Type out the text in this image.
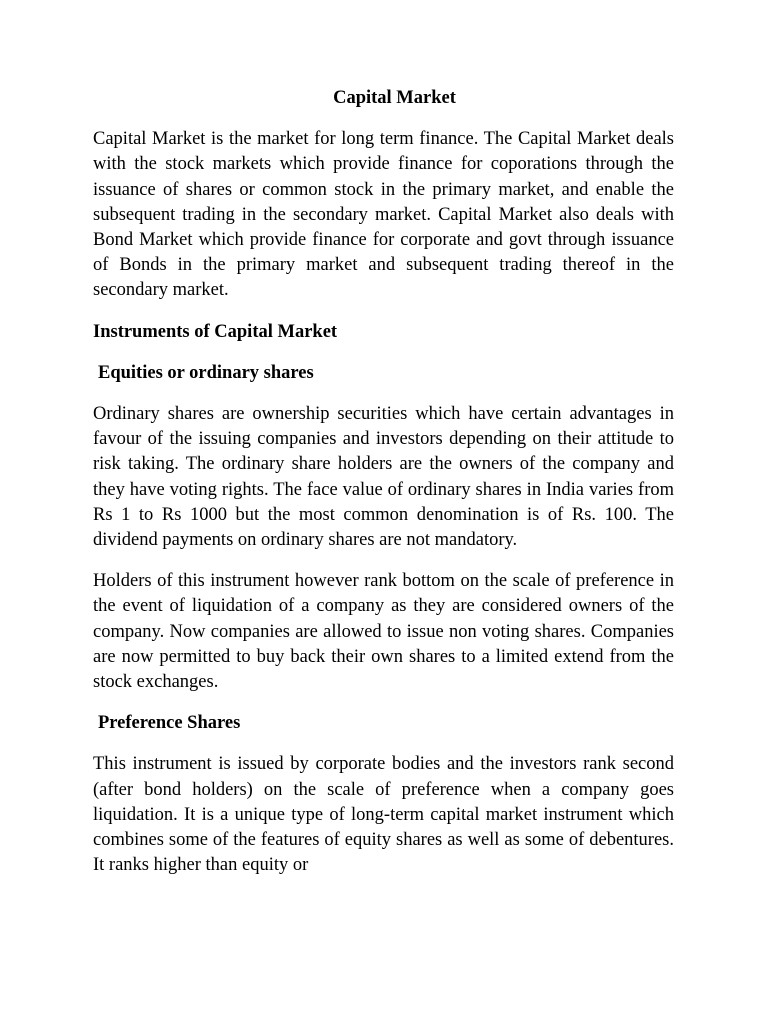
Capital Market

Capital Market is the market for long term finance. The Capital Market deals with the stock markets which provide finance for coporations through the issuance of shares or common stock in the primary market, and enable the subsequent trading in the secondary market. Capital Market also deals with Bond Market which provide finance for corporate and govt through issuance of Bonds in the primary market and subsequent trading thereof in the secondary market.

Instruments of Capital Market
Equities or ordinary shares

Ordinary shares are ownership securities which have certain advantages in favour of the issuing companies and investors depending on their attitude to risk taking. The ordinary share holders are the owners of the company and they have voting rights. The face value of ordinary shares in India varies from Rs 1 to Rs 1000 but the most common denomination is of Rs. 100. The dividend payments on ordinary shares are not mandatory.

Holders of this instrument however rank bottom on the scale of preference in the event of liquidation of a company as they are considered owners of the company. Now companies are allowed to issue non voting shares. Companies are now permitted to buy back their own shares to a limited extend from the stock exchanges.

Preference Shares

This instrument is issued by corporate bodies and the investors rank second (after bond holders) on the scale of preference when a company goes liquidation. It is a unique type of long-term capital market instrument which combines some of the features of equity shares as well as some of debentures. It ranks higher than equity or
